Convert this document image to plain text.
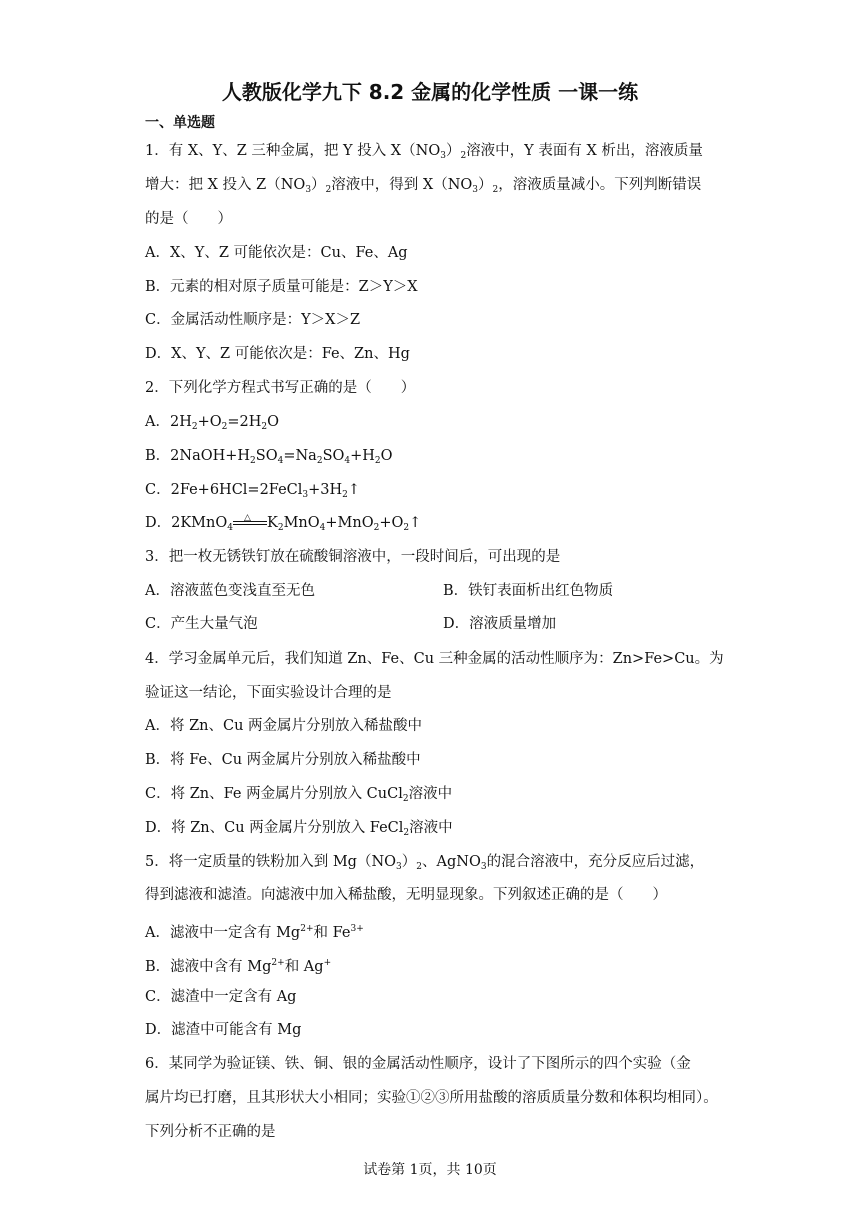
人教版化学九下 8.2 金属的化学性质 一课一练
一、单选题
1．有 X、Y、Z 三种金属，把 Y 投入 $X(NO_3)_2$溶液中，Y 表面有 X 析出，溶液质量
增大：把 X 投入 $Z(NO_3)_2$溶液中，得到 $X(NO_3)_2$，溶液质量减小。下列判断错误
的是（　　）
A．X、Y、Z 可能依次是：Cu、Fe、Ag
B．元素的相对原子质量可能是：Z＞Y＞X
C．金属活动性顺序是：Y＞X＞Z
D．X、Y、Z 可能依次是：Fe、Zn、Hg
2．下列化学方程式书写正确的是（　　）
A．$2H_2+O_2=2H_2O$
B．$2NaOH+H_2SO_4=Na_2SO_4+H_2O$
C．$2Fe+6HCl=2FeCl_3+3H_2↑$
D．2KMnO$_4$
△ $K_2MnO_4+MnO_2+O_2↑$
3．把一枚无锈铁钉放在硫酸铜溶液中，一段时间后，可出现的是
A．溶液蓝色变浅直至无色	B．铁钉表面析出红色物质
C．产生大量气泡	D．溶液质量增加
4．学习金属单元后，我们知道 Zn、Fe、Cu 三种金属的活动性顺序为：Zn>Fe>Cu。为
验证这一结论，下面实验设计合理的是
A．将 Zn、Cu 两金属片分别放入稀盐酸中
B．将 Fe、Cu 两金属片分别放入稀盐酸中
C．将 Zn、Fe 两金属片分别放入 CuCl$_2$溶液中
D．将 Zn、Cu 两金属片分别放入 FeCl$_2$溶液中
5．将一定质量的铁粉加入到 $Mg(NO_3)_2$、AgNO$_3$的混合溶液中，充分反应后过滤，
得到滤液和滤渣。向滤液中加入稀盐酸，无明显现象。下列叙述正确的是（　　）
A．滤液中一定含有 $Mg^{2+}$和 $Fe^{3+}$
B．滤液中含有 $Mg^{2+}$和 Ag+
C．滤渣中一定含有 Ag
D．滤渣中可能含有 Mg
6．某同学为验证镁、铁、铜、银的金属活动性顺序，设计了下图所示的四个实验（金
属片均已打磨，且其形状大小相同；实验①②③所用盐酸的溶质质量分数和体积均相同）。
下列分析不正确的是
试卷第 1页，共 10页
